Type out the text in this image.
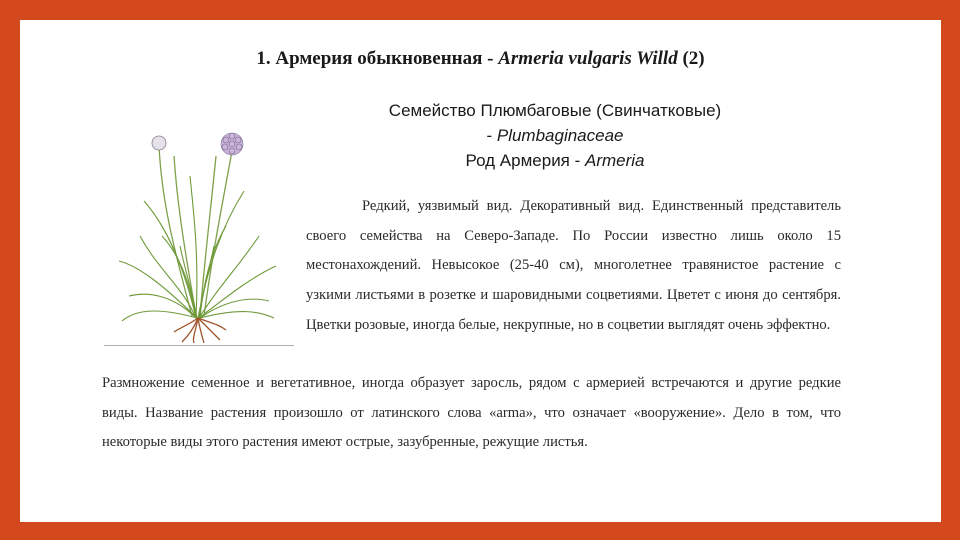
1. Армерия обыкновенная - Armeria vulgaris Willd (2)
Семейство Плюмбаговые (Свинчатковые)
- Plumbaginaceae
Род Армерия - Armeria
Редкий, уязвимый вид. Декоративный вид. Единственный представитель своего семейства на Северо-Западе. По России известно лишь около 15 местонахождений. Невысокое (25-40 см), многолетнее травянистое растение с узкими листьями в розетке и шаровидными соцветиями. Цветет с июня до сентября. Цветки розовые, иногда белые, некрупные, но в соцветии выглядят очень эффектно.
Размножение семенное и вегетативное, иногда образует заросль, рядом с армерией встречаются и другие редкие виды. Название растения произошло от латинского слова «arma», что означает «вооружение». Дело в том, что некоторые виды этого растения имеют острые, зазубренные, режущие листья.
